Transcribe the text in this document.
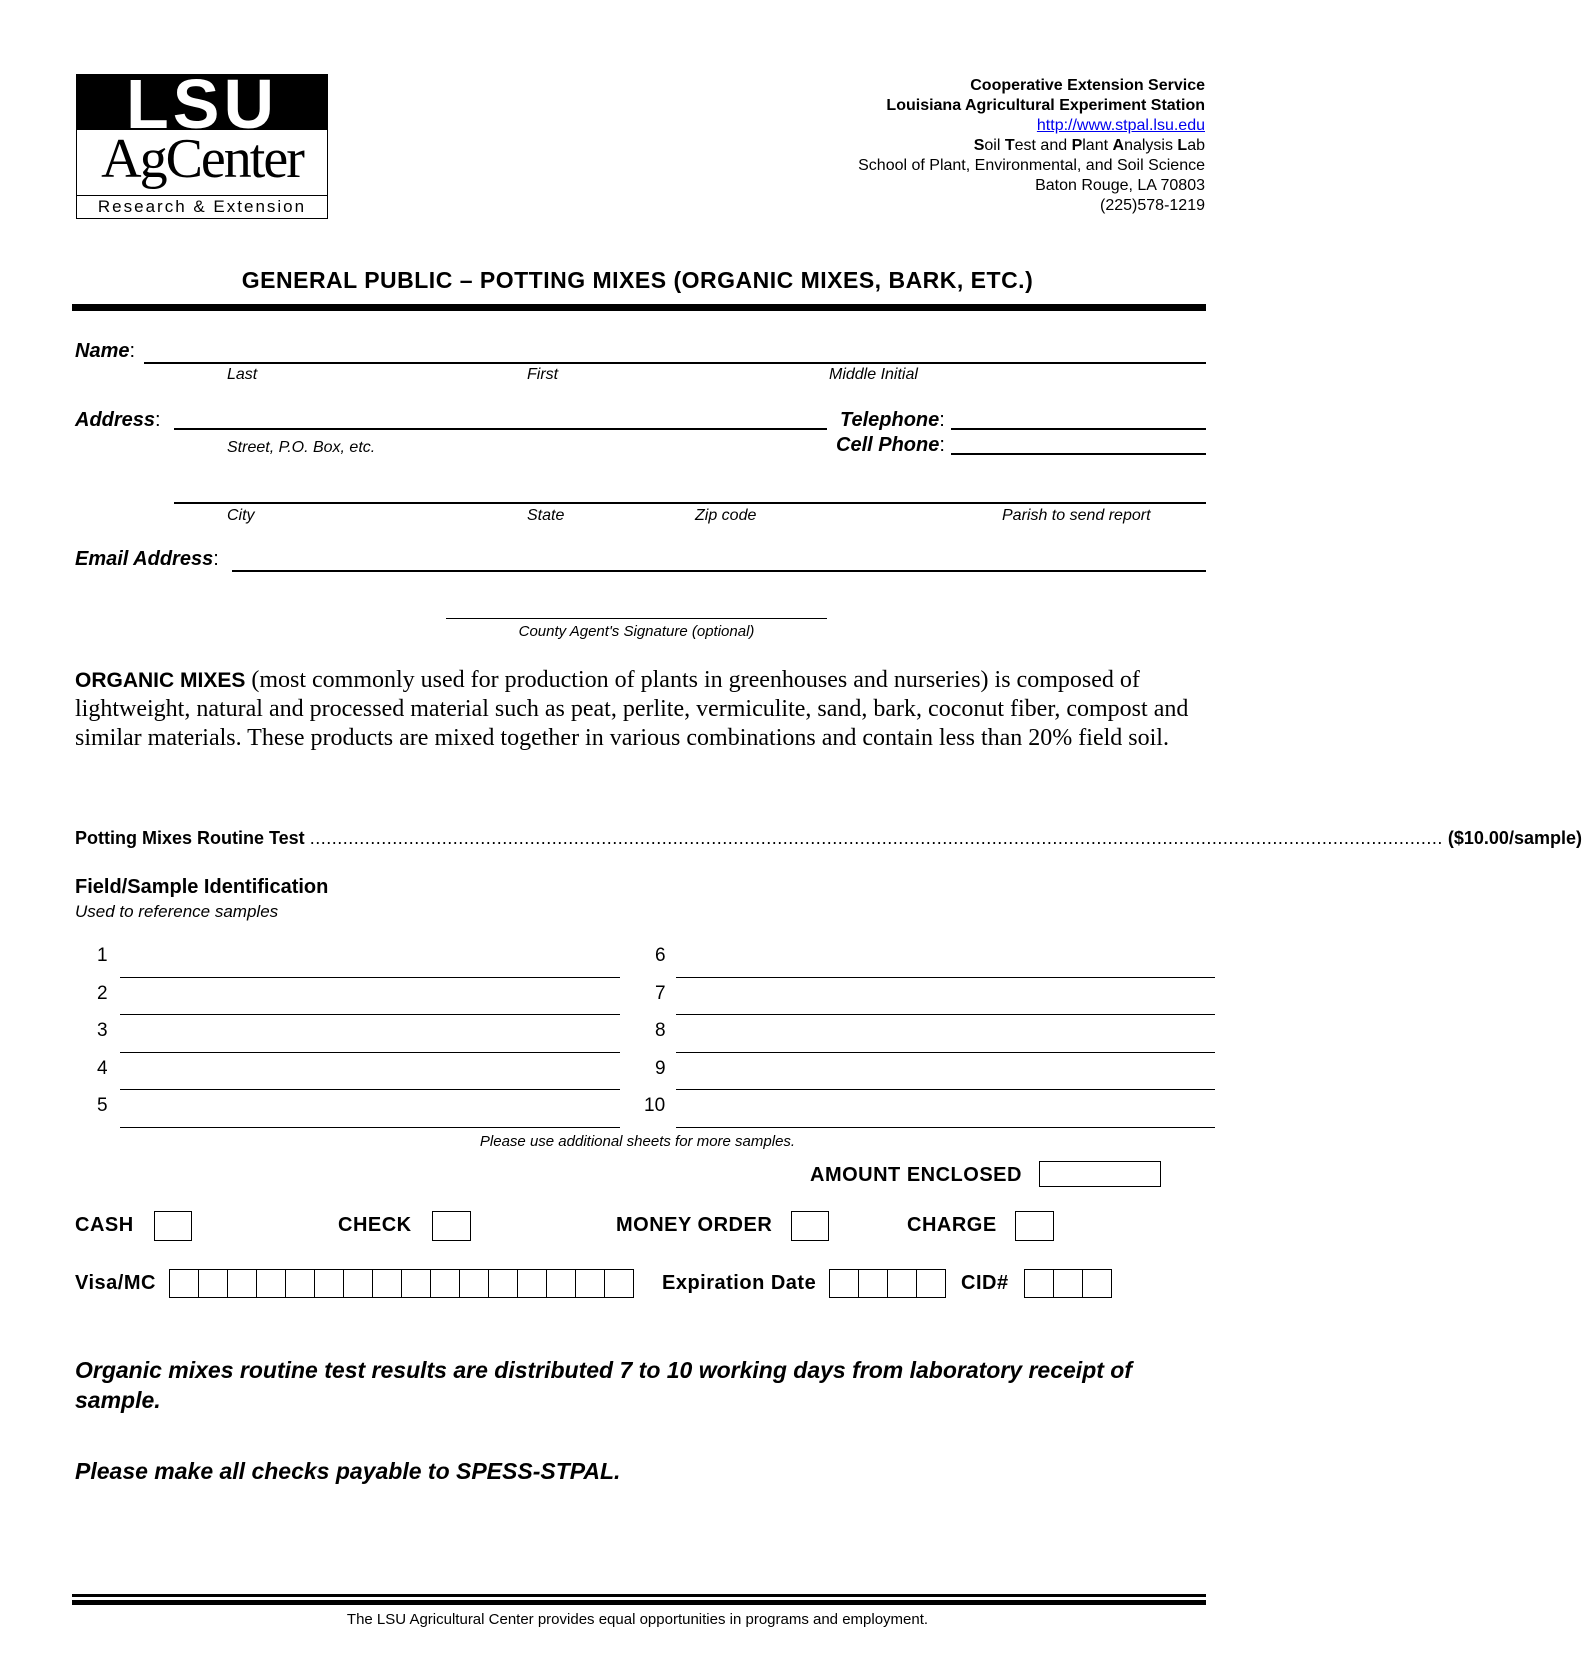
LSU
AgCenter
Research & Extension
Cooperative Extension Service
Louisiana Agricultural Experiment Station
http://www.stpal.lsu.edu
Soil Test and Plant Analysis Lab
School of Plant, Environmental, and Soil Science
Baton Rouge, LA 70803
(225)578-1219
GENERAL PUBLIC – POTTING MIXES (ORGANIC MIXES, BARK, ETC.)
Name:
Last	First	Middle Initial
Address:
Street, P.O. Box, etc.
Telephone:
Cell Phone:
City	State	Zip code	Parish to send report
Email Address:
County Agent's Signature (optional)
ORGANIC MIXES (most commonly used for production of plants in greenhouses and nurseries) is composed of lightweight, natural and processed material such as peat, perlite, vermiculite, sand, bark, coconut fiber, compost and similar materials. These products are mixed together in various combinations and contain less than 20% field soil.
Potting Mixes Routine Test .............................................................................................................................................................................................................. ($10.00/sample)
Field/Sample Identification
Used to reference samples
1
2
3
4
5
6
7
8
9
10
Please use additional sheets for more samples.
AMOUNT ENCLOSED
CASH	CHECK	MONEY ORDER	CHARGE
Visa/MC	Expiration Date	CID#
Organic mixes routine test results are distributed 7 to 10 working days from laboratory receipt of sample.
Please make all checks payable to SPESS-STPAL.
The LSU Agricultural Center provides equal opportunities in programs and employment.
